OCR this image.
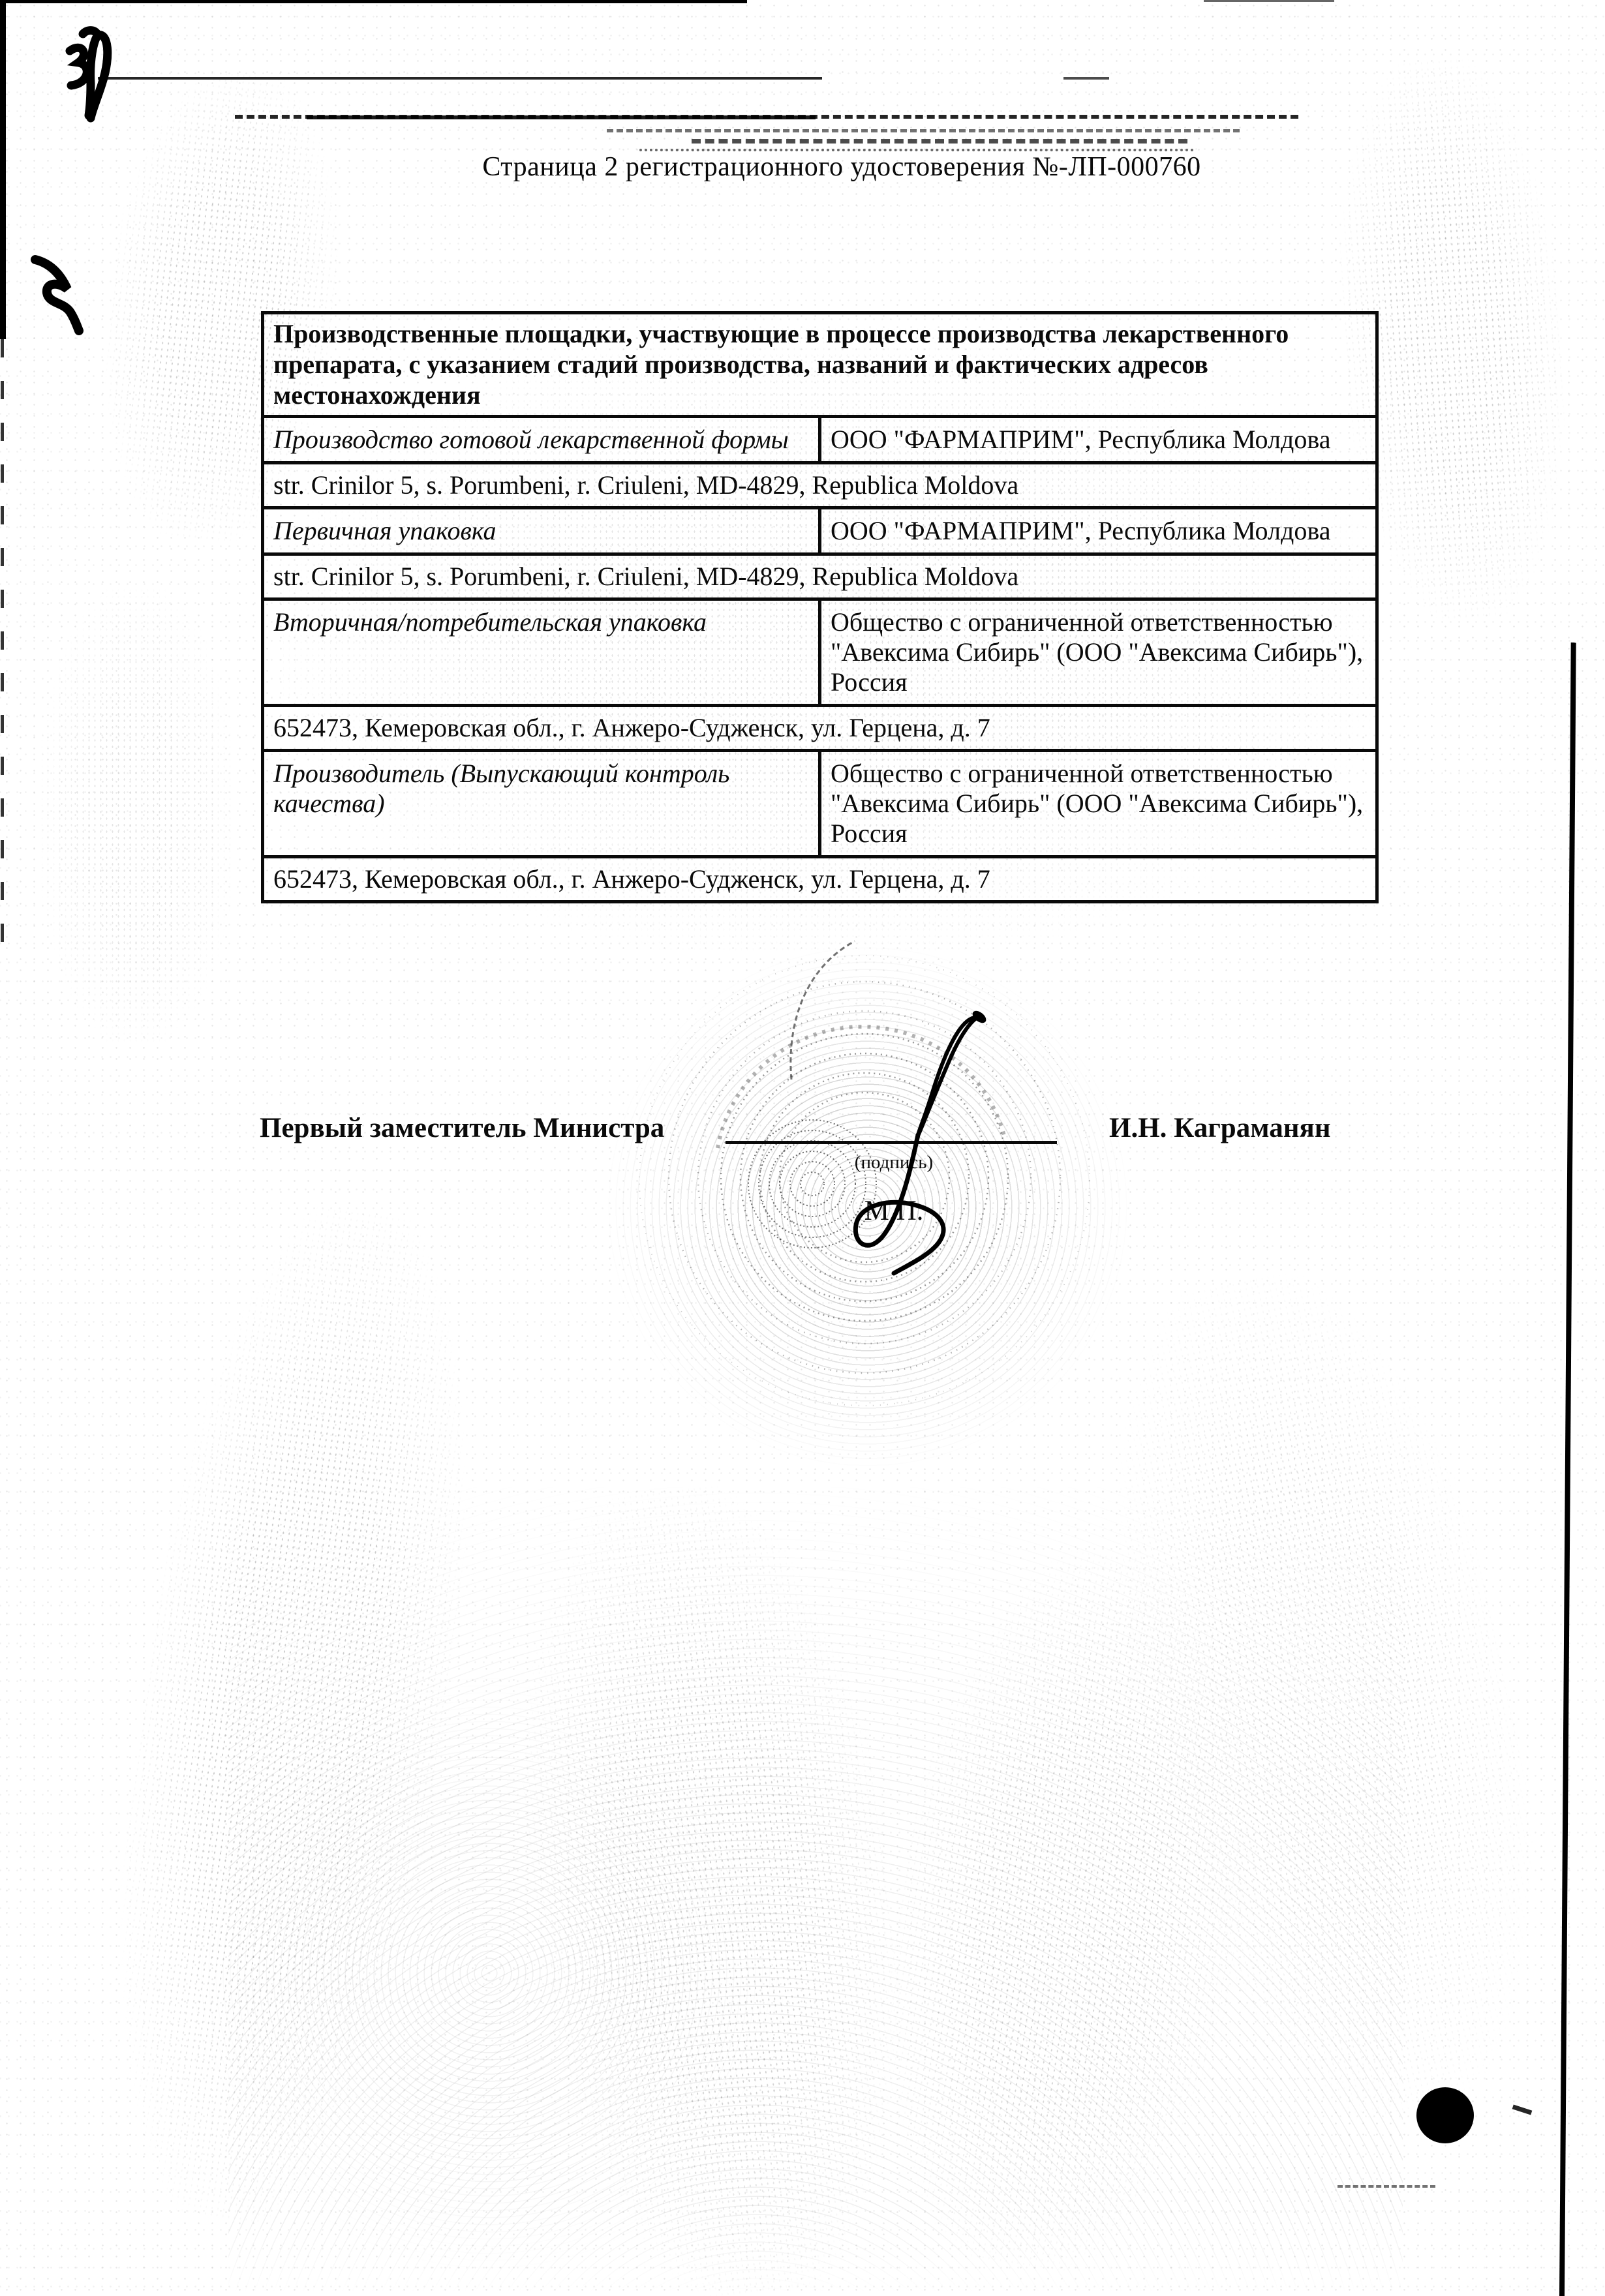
Страница 2 регистрационного удостоверения №-ЛП-000760
Производственные площадки, участвующие в процессе производства лекарственного препарата, с указанием стадий производства, названий и фактических адресов местонахождения	
Производство готовой лекарственной формы	ООО "ФАРМАПРИМ", Республика Молдова
str. Crinilor 5, s. Porumbeni, r. Criuleni, MD-4829, Republica Moldova	
Первичная упаковка	ООО "ФАРМАПРИМ", Республика Молдова
str. Crinilor 5, s. Porumbeni, r. Criuleni, MD-4829, Republica Moldova	
Вторичная/потребительская упаковка	Общество с ограниченной ответственностью "Авексима Сибирь" (ООО "Авексима Сибирь"), Россия
652473, Кемеровская обл., г. Анжеро-Судженск, ул. Герцена, д. 7	
Производитель (Выпускающий контроль качества)	Общество с ограниченной ответственностью "Авексима Сибирь" (ООО "Авексима Сибирь"), Россия
652473, Кемеровская обл., г. Анжеро-Судженск, ул. Герцена, д. 7	
Первый заместитель Министра
(подпись)
М.П.
И.Н. Каграманян
